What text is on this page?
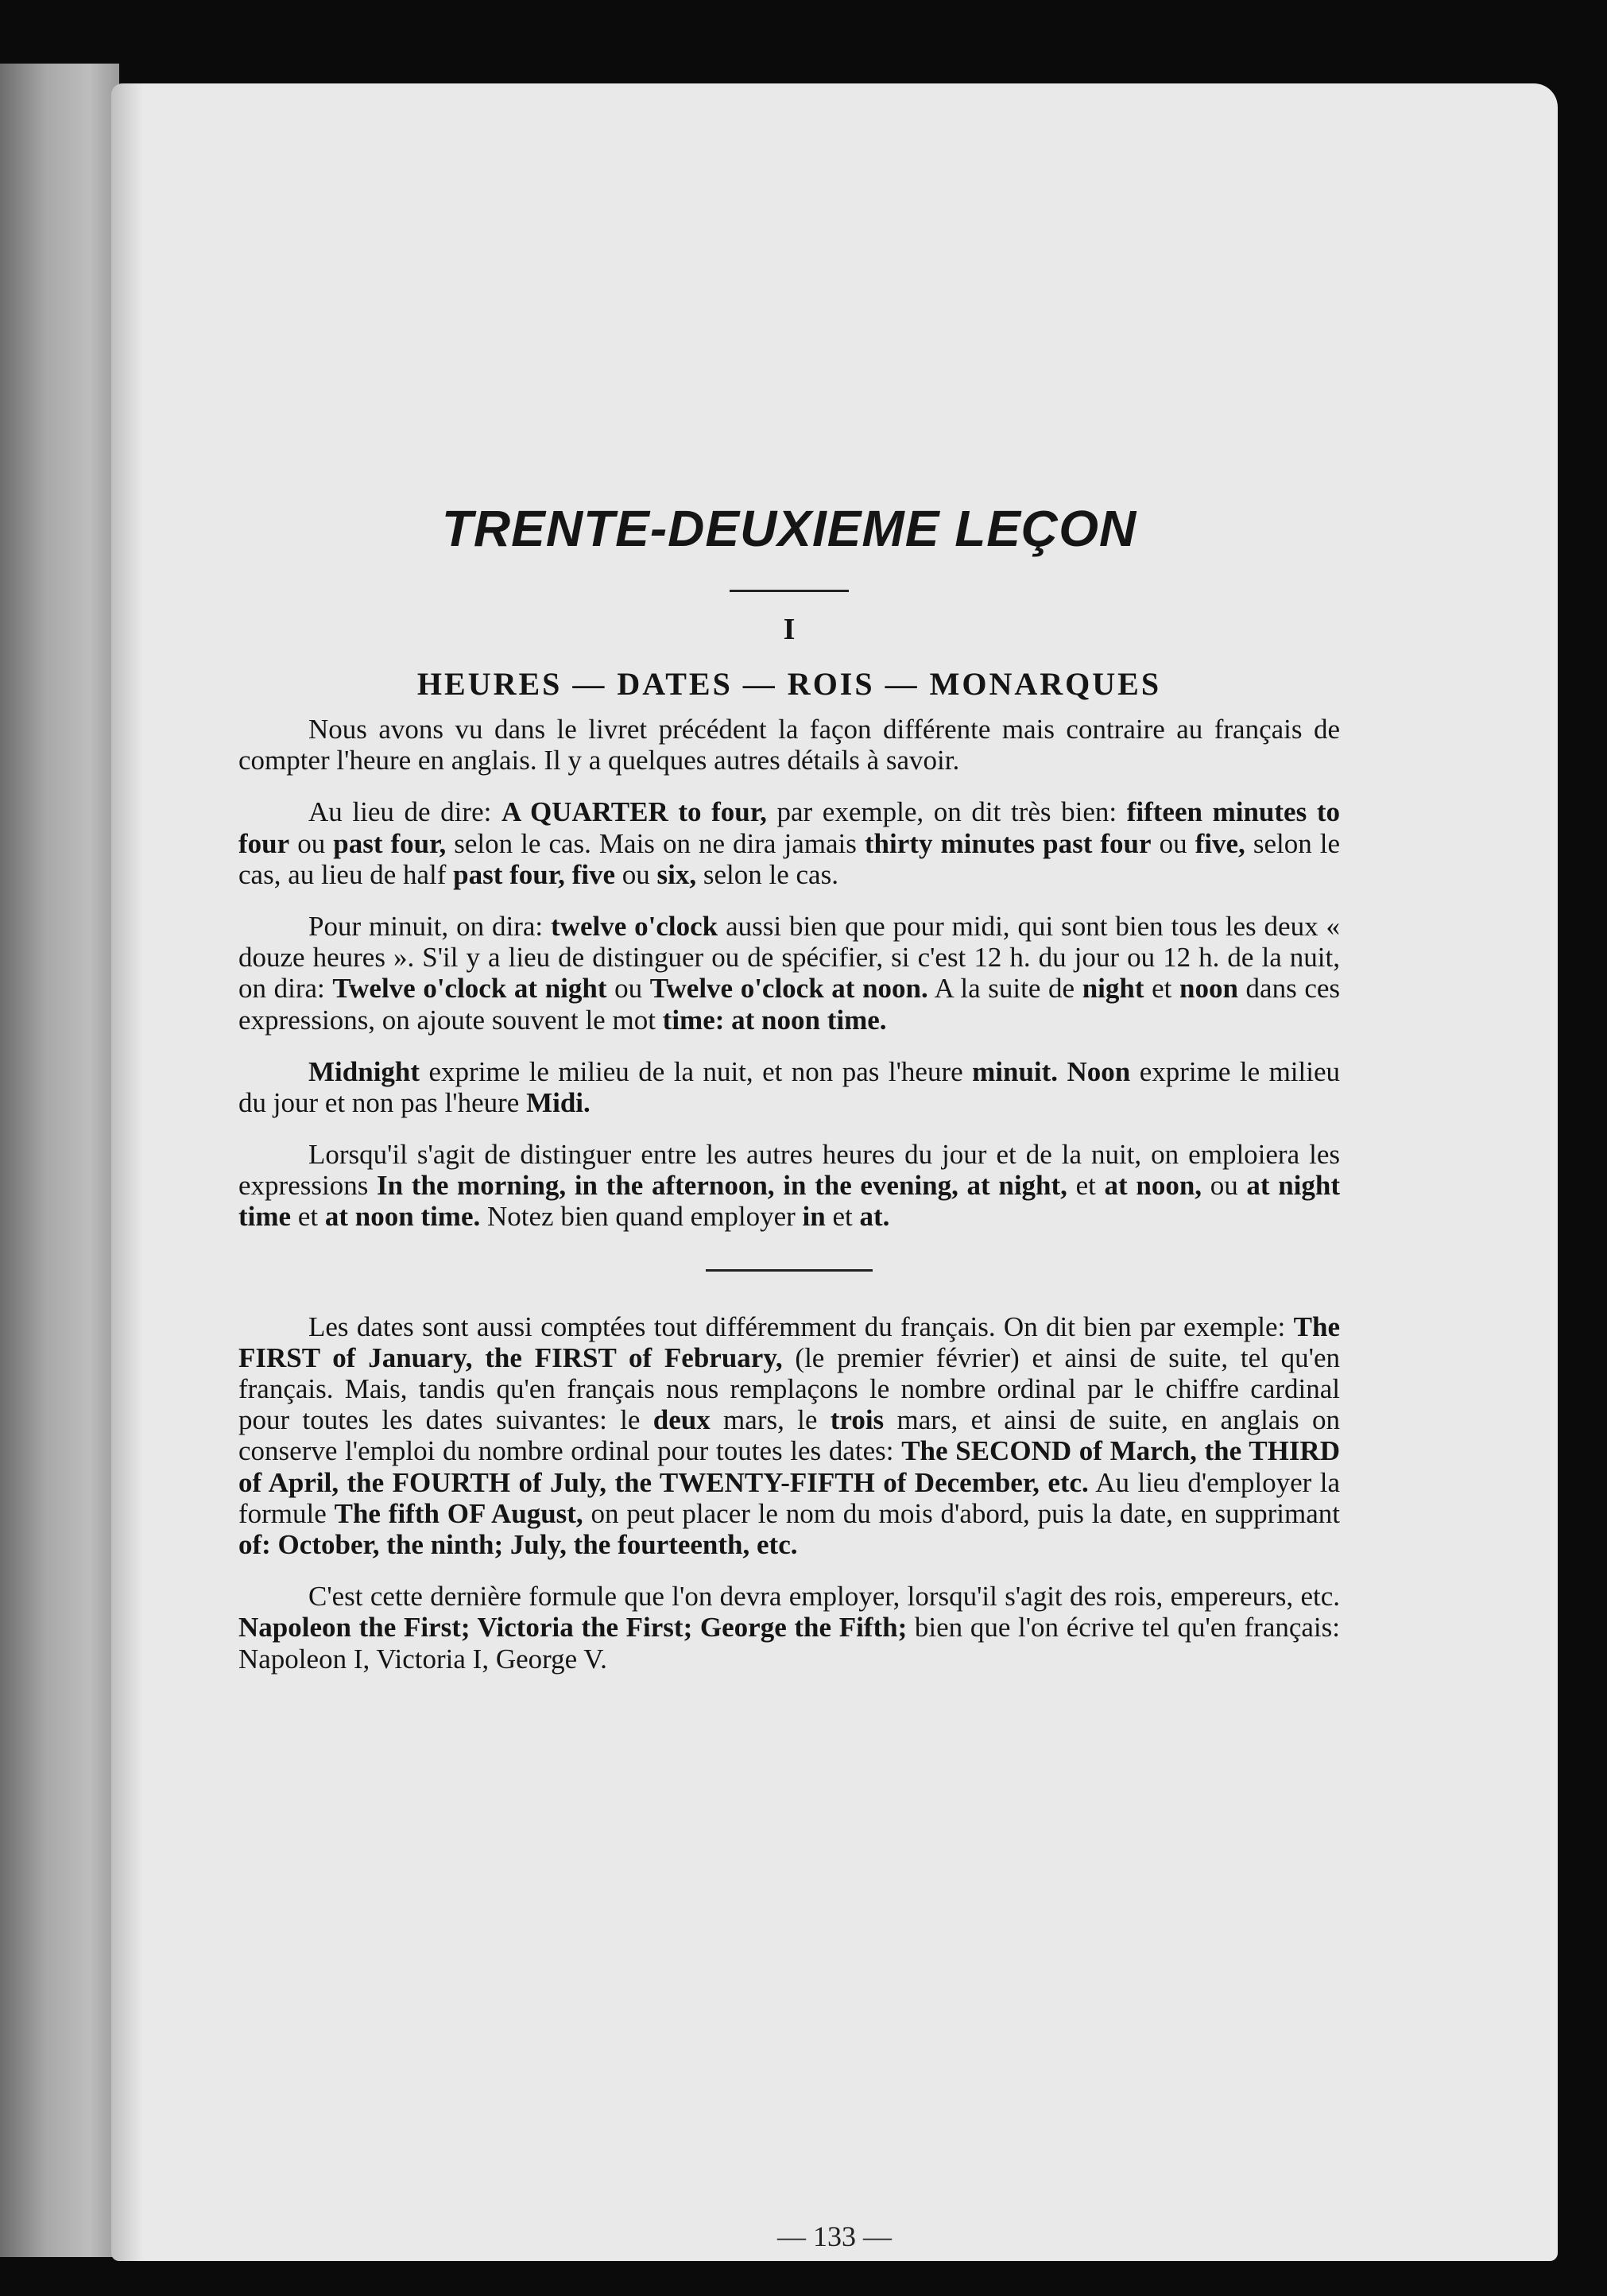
TRENTE-DEUXIEME LEÇON
I
HEURES — DATES — ROIS — MONARQUES

Nous avons vu dans le livret précédent la façon différente mais contraire au français de compter l'heure en anglais. Il y a quelques autres détails à savoir.

Au lieu de dire: A QUARTER to four, par exemple, on dit très bien: fifteen minutes to four ou past four, selon le cas. Mais on ne dira jamais thirty minutes past four ou five, selon le cas, au lieu de half past four, five ou six, selon le cas.

Pour minuit, on dira: twelve o'clock aussi bien que pour midi, qui sont bien tous les deux « douze heures ». S'il y a lieu de distinguer ou de spécifier, si c'est 12 h. du jour ou 12 h. de la nuit, on dira: Twelve o'clock at night ou Twelve o'clock at noon. A la suite de night et noon dans ces expressions, on ajoute souvent le mot time: at noon time.

Midnight exprime le milieu de la nuit, et non pas l'heure minuit. Noon exprime le milieu du jour et non pas l'heure Midi.

Lorsqu'il s'agit de distinguer entre les autres heures du jour et de la nuit, on emploiera les expressions In the morning, in the afternoon, in the evening, at night, et at noon, ou at night time et at noon time. Notez bien quand employer in et at.

Les dates sont aussi comptées tout différemment du français. On dit bien par exemple: The FIRST of January, the FIRST of February, (le premier février) et ainsi de suite, tel qu'en français. Mais, tandis qu'en français nous remplaçons le nombre ordinal par le chiffre cardinal pour toutes les dates suivantes: le deux mars, le trois mars, et ainsi de suite, en anglais on conserve l'emploi du nombre ordinal pour toutes les dates: The SECOND of March, the THIRD of April, the FOURTH of July, the TWENTY-FIFTH of December, etc. Au lieu d'employer la formule The fifth OF August, on peut placer le nom du mois d'abord, puis la date, en supprimant of: October, the ninth; July, the fourteenth, etc.

C'est cette dernière formule que l'on devra employer, lorsqu'il s'agit des rois, empereurs, etc. Napoleon the First; Victoria the First; George the Fifth; bien que l'on écrive tel qu'en français: Napoleon I, Victoria I, George V.

— 133 —
